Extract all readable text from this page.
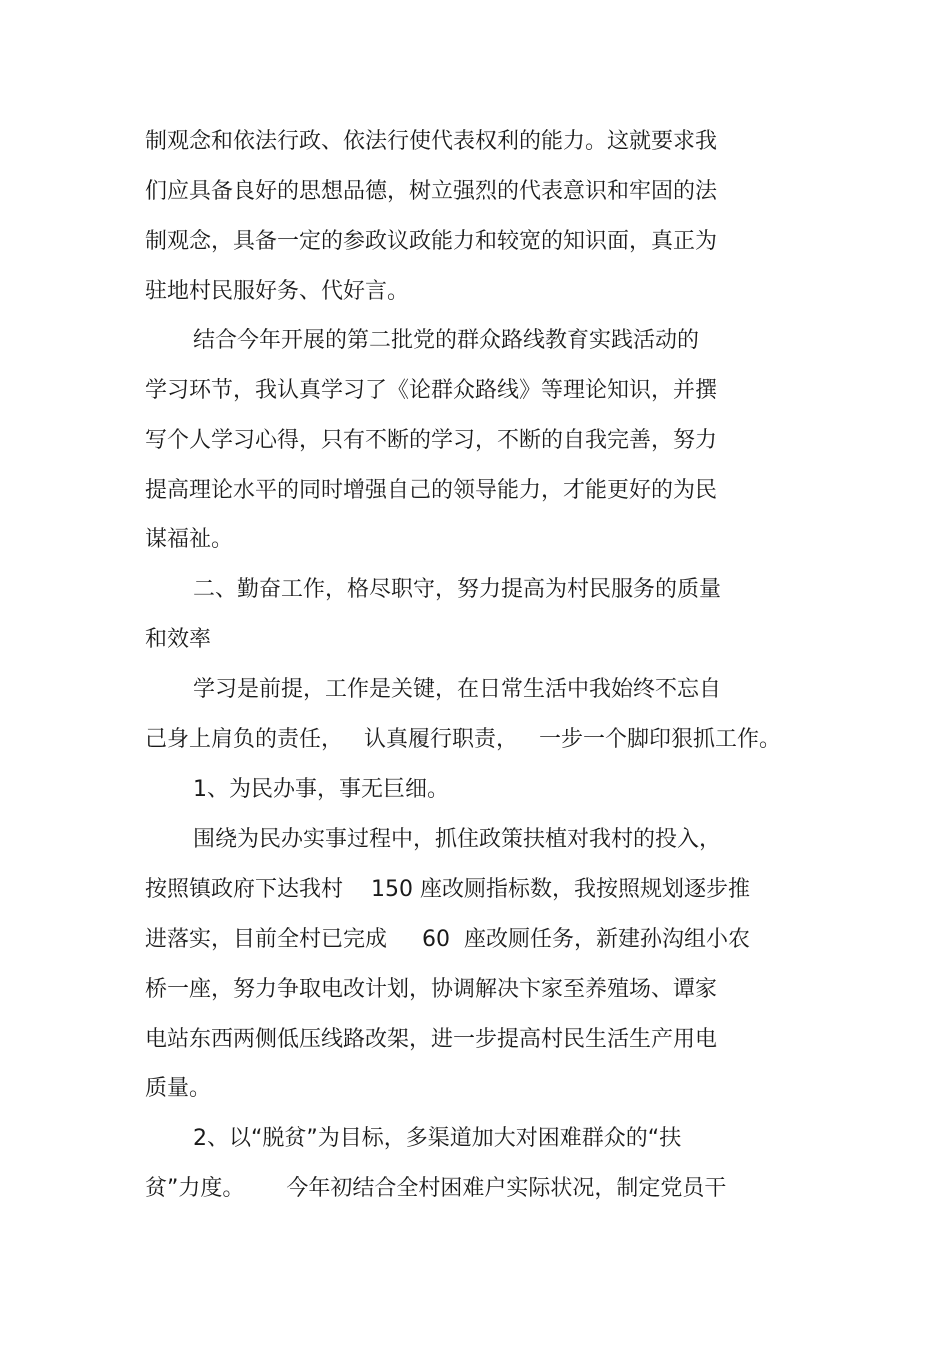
制观念和依法行政、依法行使代表权利的能力。这就要求我
们应具备良好的思想品德，树立强烈的代表意识和牢固的法
制观念，具备一定的参政议政能力和较宽的知识面，真正为
驻地村民服好务、代好言。
结合今年开展的第二批党的群众路线教育实践活动的
学习环节，我认真学习了《论群众路线》等理论知识，并撰
写个人学习心得，只有不断的学习，不断的自我完善，努力
提高理论水平的同时增强自己的领导能力，才能更好的为民
谋福祉。
二、勤奋工作，格尽职守，努力提高为村民服务的质量
和效率
学习是前提，工作是关键，在日常生活中我始终不忘自
己身上肩负的责任，   认真履行职责，   一步一个脚印狠抓工作。
1、为民办事，事无巨细。
围绕为民办实事过程中，抓住政策扶植对我村的投入，
按照镇政府下达我村    150 座改厕指标数，我按照规划逐步推
进落实，目前全村已完成     60  座改厕任务，新建孙沟组小农
桥一座，努力争取电改计划，协调解决卞家至养殖场、谭家
电站东西两侧低压线路改架，进一步提高村民生活生产用电
质量。
2、以“脱贫”为目标，多渠道加大对困难群众的“扶
贫”力度。      今年初结合全村困难户实际状况，制定党员干
